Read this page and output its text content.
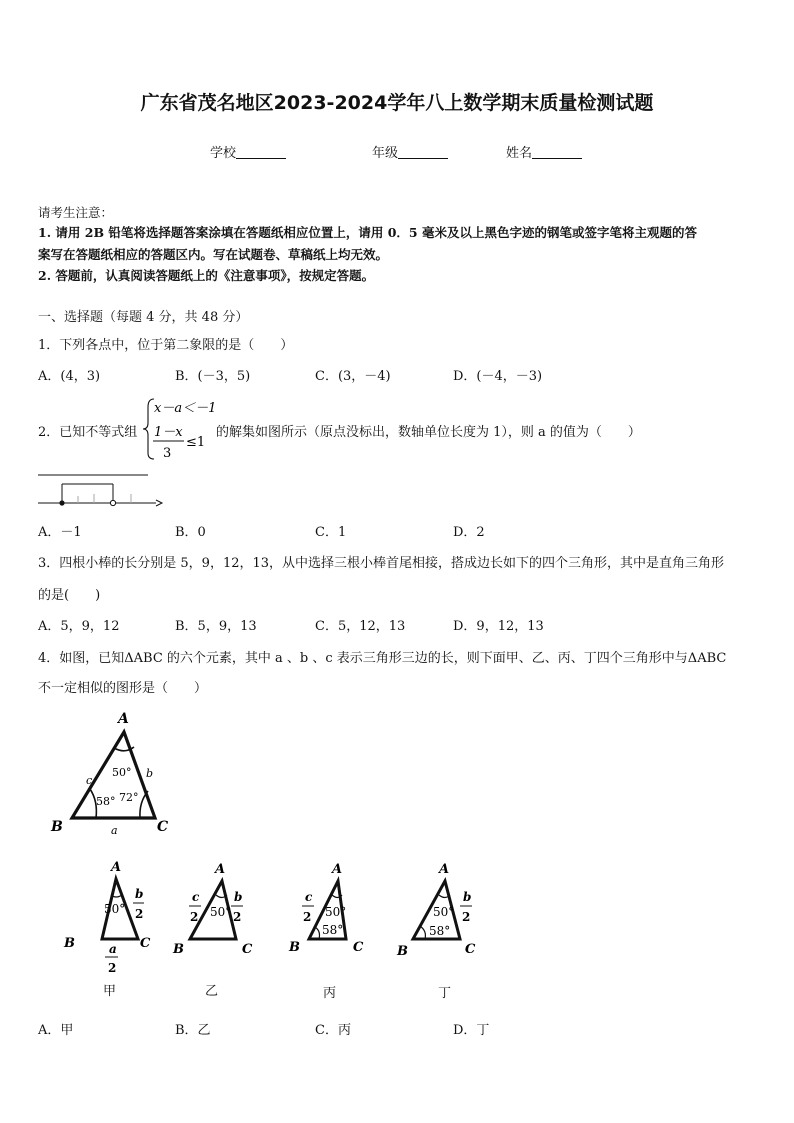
广东省茂名地区2023-2024学年八上数学期末质量检测试题
学校	年级	姓名
请考生注意：
1. 请用 2B 铅笔将选择题答案涂填在答题纸相应位置上，请用 0．5 毫米及以上黑色字迹的钢笔或签字笔将主观题的答
案写在答题纸相应的答题区内。写在试题卷、草稿纸上均无效。
2. 答题前，认真阅读答题纸上的《注意事项》，按规定答题。
一、选择题（每题 4 分，共 48 分）
1．下列各点中，位于第二象限的是（　　）
A．(4，3)	B．(－3，5)	C．(3，－4)	D．(－4，－3)
2．已知不等式组
x－a＜－1
1－x
3
≤1
的解集如图所示（原点没标出，数轴单位长度为 1），则 a 的值为（　　）
A．－1	B．0	C．1	D．2
3．四根小棒的长分别是 5，9，12，13，从中选择三根小棒首尾相接，搭成边长如下的四个三角形，其中是直角三角形
的是(　　)
A．5，9，12	B．5，9，13	C．5，12，13	D．9，12，13
4．如图，已知ΔABC 的六个元素，其中 a 、b 、c 表示三角形三边的长，则下面甲、乙、丙、丁四个三角形中与ΔABC
不一定相似的图形是（　　）
A
B	C
a
b
c
50°
58° 72°
A
B	C
50°
b
2
a
2
甲
A
B	C
50°
c
2
b
2
乙
A
B	C
50°
58°
c
2
丙
A
B	C
50°
58°
b
2
丁
A．甲	B．乙	C．丙	D．丁
